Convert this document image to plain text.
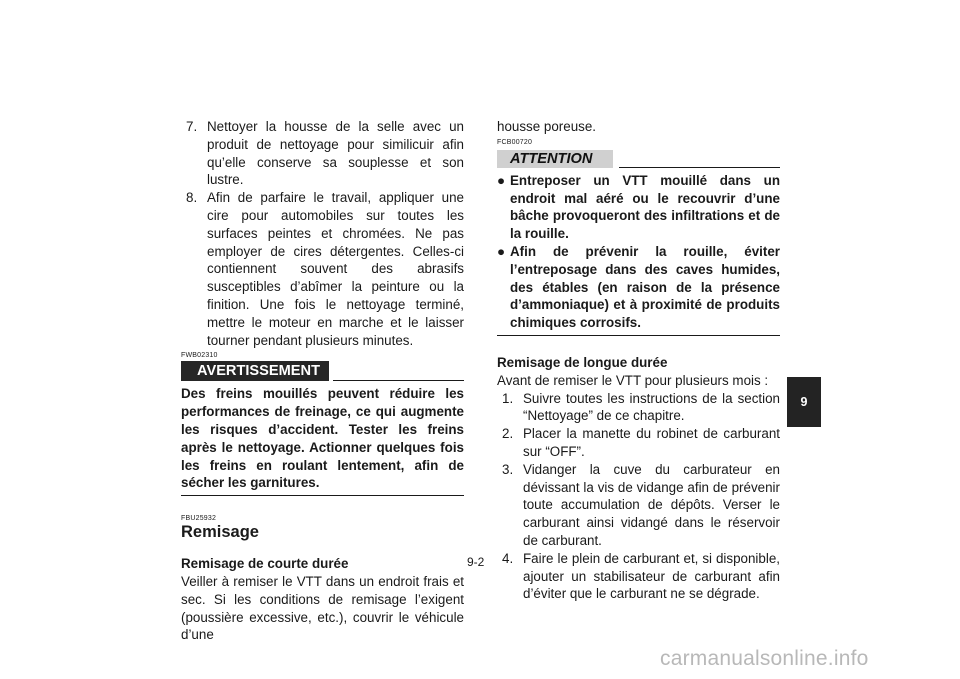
7. Nettoyer la housse de la selle avec un produit de nettoyage pour similicuir afin qu’elle conserve sa souplesse et son lustre.
8. Afin de parfaire le travail, appliquer une cire pour automobiles sur toutes les surfaces peintes et chromées. Ne pas employer de cires détergentes. Celles-ci contiennent souvent des abrasifs susceptibles d’abîmer la peinture ou la finition. Une fois le nettoyage terminé, mettre le moteur en marche et le laisser tourner pendant plusieurs minutes.
FWB02310
AVERTISSEMENT
Des freins mouillés peuvent réduire les performances de freinage, ce qui augmente les risques d’accident. Tester les freins après le nettoyage. Actionner quelques fois les freins en roulant lentement, afin de sécher les garnitures.
FBU25932
Remisage
Remisage de courte durée
Veiller à remiser le VTT dans un endroit frais et sec. Si les conditions de remisage l’exigent (poussière excessive, etc.), couvrir le véhicule d’une
housse poreuse.
FCB00720
ATTENTION
● Entreposer un VTT mouillé dans un endroit mal aéré ou le recouvrir d’une bâche provoqueront des infiltrations et de la rouille.
● Afin de prévenir la rouille, éviter l’entreposage dans des caves humides, des étables (en raison de la présence d’ammoniaque) et à proximité de produits chimiques corrosifs.
Remisage de longue durée
Avant de remiser le VTT pour plusieurs mois :
1. Suivre toutes les instructions de la section “Nettoyage” de ce chapitre.
2. Placer la manette du robinet de carburant sur “OFF”.
3. Vidanger la cuve du carburateur en dévissant la vis de vidange afin de prévenir toute accumulation de dépôts. Verser le carburant ainsi vidangé dans le réservoir de carburant.
4. Faire le plein de carburant et, si disponible, ajouter un stabilisateur de carburant afin d’éviter que le carburant ne se dégrade.
9-2
9
carmanualsonline.info
